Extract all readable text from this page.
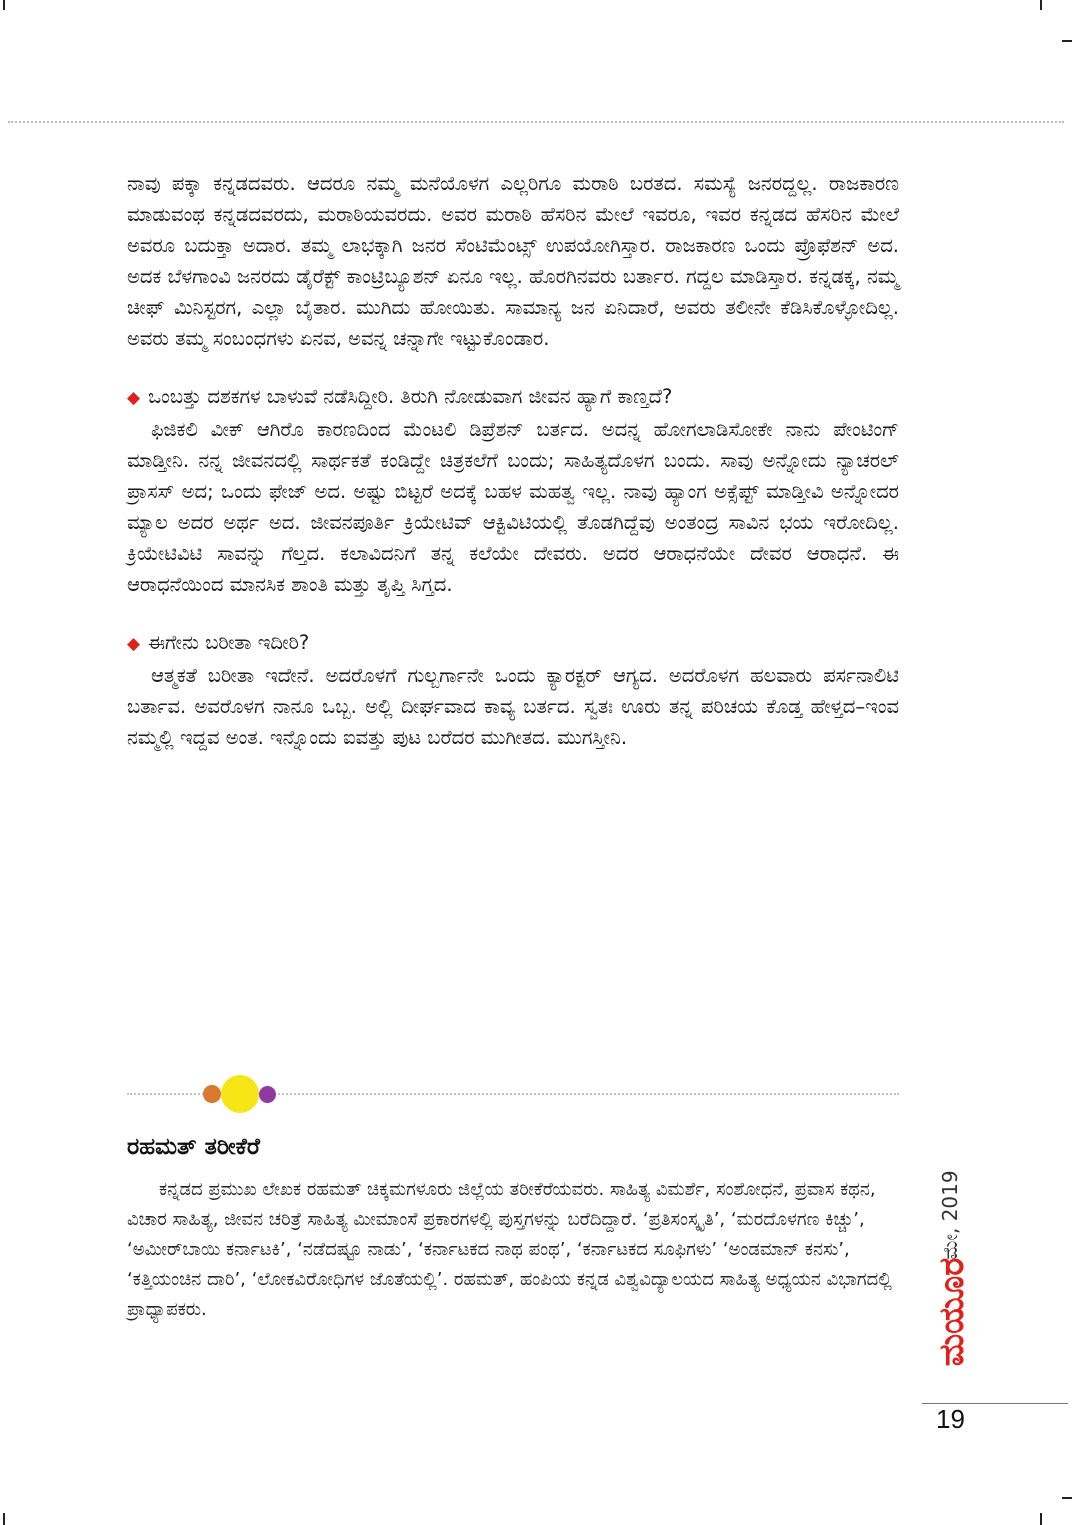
ನಾವು ಪಕ್ಕಾ ಕನ್ನಡದವರು. ಆದರೂ ನಮ್ಮ ಮನೆಯೊಳಗ ಎಲ್ಲರಿಗೂ ಮರಾಠಿ ಬರತದ. ಸಮಸ್ಯೆ ಜನರದ್ದಲ್ಲ. ರಾಜಕಾರಣ ಮಾಡುವಂಥ ಕನ್ನಡದವರದು, ಮರಾಠಿಯವರದು. ಅವರ ಮರಾಠಿ ಹೆಸರಿನ ಮೇಲೆ ಇವರೂ, ಇವರ ಕನ್ನಡದ ಹೆಸರಿನ ಮೇಲೆ ಅವರೂ ಬದುಕ್ತಾ ಅದಾರ. ತಮ್ಮ ಲಾಭಕ್ಕಾಗಿ ಜನರ ಸೆಂಟಿಮೆಂಟ್ಸ್ ಉಪಯೋಗಿಸ್ತಾರ. ರಾಜಕಾರಣ ಒಂದು ಪ್ರೊಫೆಶನ್ ಅದ. ಅದಕ ಬೆಳಗಾಂವಿ ಜನರದು ಡೈರೆಕ್ಟ್ ಕಾಂಟ್ರಿಬ್ಯೂಶನ್ ಏನೂ ಇಲ್ಲ. ಹೊರಗಿನವರು ಬರ್ತಾರ. ಗದ್ದಲ ಮಾಡಿಸ್ತಾರ. ಕನ್ನಡಕ್ಕ, ನಮ್ಮ ಚೀಫ್ ಮಿನಿಸ್ಟರಗ, ಎಲ್ಲಾ ಬೈತಾರ. ಮುಗಿದು ಹೋಯಿತು. ಸಾಮಾನ್ಯ ಜನ ಏನಿದಾರೆ, ಅವರು ತಲೀನೇ ಕೆಡಿಸಿಕೊಳ್ಳೋದಿಲ್ಲ. ಅವರು ತಮ್ಮ ಸಂಬಂಧಗಳು ಏನವ, ಅವನ್ನ ಚನ್ನಾಗೇ ಇಟ್ಟುಕೊಂಡಾರ.

◆ ಒಂಬತ್ತು ದಶಕಗಳ ಬಾಳುವೆ ನಡೆಸಿದ್ದೀರಿ. ತಿರುಗಿ ನೋಡುವಾಗ ಜೀವನ ಹ್ಯಾಗೆ ಕಾಣ್ತದೆ?

ಫಿಜಿಕಲಿ ವೀಕ್ ಆಗಿರೊ ಕಾರಣದಿಂದ ಮೆಂಟಲಿ ಡಿಪ್ರೆಶನ್ ಬರ್ತದ. ಅದನ್ನ ಹೋಗಲಾಡಿಸೋಕೇ ನಾನು ಪೇಂಟಿಂಗ್ ಮಾಡ್ತೀನಿ. ನನ್ನ ಜೀವನದಲ್ಲಿ ಸಾರ್ಥಕತೆ ಕಂಡಿದ್ದೇ ಚಿತ್ರಕಲೆಗೆ ಬಂದು; ಸಾಹಿತ್ಯದೊಳಗ ಬಂದು. ಸಾವು ಅನ್ನೋದು ನ್ಯಾಚರಲ್ ಪ್ರಾಸಸ್ ಅದ; ಒಂದು ಫೇಜ್ ಅದ. ಅಷ್ಟು ಬಿಟ್ಟರೆ ಅದಕ್ಕೆ ಬಹಳ ಮಹತ್ವ ಇಲ್ಲ. ನಾವು ಹ್ಯಾಂಗ ಅಕ್ಸೆಪ್ಟ್ ಮಾಡ್ತೀವಿ ಅನ್ನೋದರ ಮ್ಯಾಲ ಅದರ ಅರ್ಥ ಅದ. ಜೀವನಪೂರ್ತಿ ಕ್ರಿಯೇಟಿವ್ ಆಕ್ಟಿವಿಟಿಯಲ್ಲಿ ತೊಡಗಿದ್ದೆವು ಅಂತಂದ್ರ ಸಾವಿನ ಭಯ ಇರೋದಿಲ್ಲ. ಕ್ರಿಯೇಟಿವಿಟಿ ಸಾವನ್ನು ಗೆಲ್ತದ. ಕಲಾವಿದನಿಗೆ ತನ್ನ ಕಲೆಯೇ ದೇವರು. ಅದರ ಆರಾಧನೆಯೇ ದೇವರ ಆರಾಧನೆ. ಈ ಆರಾಧನೆಯಿಂದ ಮಾನಸಿಕ ಶಾಂತಿ ಮತ್ತು ತೃಪ್ತಿ ಸಿಗ್ತದ.

◆ ಈಗೇನು ಬರೀತಾ ಇದೀರಿ?

ಆತ್ಮಕತೆ ಬರೀತಾ ಇದೇನೆ. ಅದರೊಳಗೆ ಗುಲ್ಬರ್ಗಾನೇ ಒಂದು ಕ್ಯಾರಕ್ಟರ್ ಆಗ್ಯದ. ಅದರೊಳಗ ಹಲವಾರು ಪರ್ಸನಾಲಿಟಿ ಬರ್ತಾವ. ಅವರೊಳಗ ನಾನೂ ಒಬ್ಬ. ಅಲ್ಲಿ ದೀರ್ಘವಾದ ಕಾವ್ಯ ಬರ್ತದ. ಸ್ವತಃ ಊರು ತನ್ನ ಪರಿಚಯ ಕೊಡ್ತ ಹೇಳ್ತದ–ಇಂವ ನಮ್ಮಲ್ಲಿ ಇದ್ದವ ಅಂತ. ಇನ್ನೊಂದು ಐವತ್ತು ಪುಟ ಬರೆದರ ಮುಗೀತದ. ಮುಗಸ್ತೀನಿ.

ರಹಮತ್ ತರೀಕೆರೆ

ಕನ್ನಡದ ಪ್ರಮುಖ ಲೇಖಕ ರಹಮತ್ ಚಿಕ್ಕಮಗಳೂರು ಜಿಲ್ಲೆಯ ತರೀಕೆರೆಯವರು. ಸಾಹಿತ್ಯ ವಿಮರ್ಶೆ, ಸಂಶೋಧನೆ, ಪ್ರವಾಸ ಕಥನ, ವಿಚಾರ ಸಾಹಿತ್ಯ, ಜೀವನ ಚರಿತ್ರೆ ಸಾಹಿತ್ಯ ಮೀಮಾಂಸೆ ಪ್ರಕಾರಗಳಲ್ಲಿ ಪುಸ್ತಗಳನ್ನು ಬರೆದಿದ್ದಾರೆ. ‘ಪ್ರತಿಸಂಸ್ಕೃತಿ’, ‘ಮರದೊಳಗಣ ಕಿಚ್ಚು’, ‘ಅಮೀರ್‌ಬಾಯಿ ಕರ್ನಾಟಕಿ’, ‘ನಡೆದಷ್ಟೂ ನಾಡು’, ‘ಕರ್ನಾಟಕದ ನಾಥ ಪಂಥ’, ‘ಕರ್ನಾಟಕದ ಸೂಫಿಗಳು’ ‘ಅಂಡಮಾನ್ ಕನಸು’, ‘ಕತ್ತಿಯಂಚಿನ ದಾರಿ’, ‘ಲೋಕವಿರೋಧಿಗಳ ಜೊತೆಯಲ್ಲಿ’. ರಹಮತ್, ಹಂಪಿಯ ಕನ್ನಡ ವಿಶ್ವವಿದ್ಯಾಲಯದ ಸಾಹಿತ್ಯ ಅಧ್ಯಯನ ವಿಭಾಗದಲ್ಲಿ ಪ್ರಾಧ್ಯಾಪಕರು.

ಮೇ, 2019
ಮಯೂರ
19
